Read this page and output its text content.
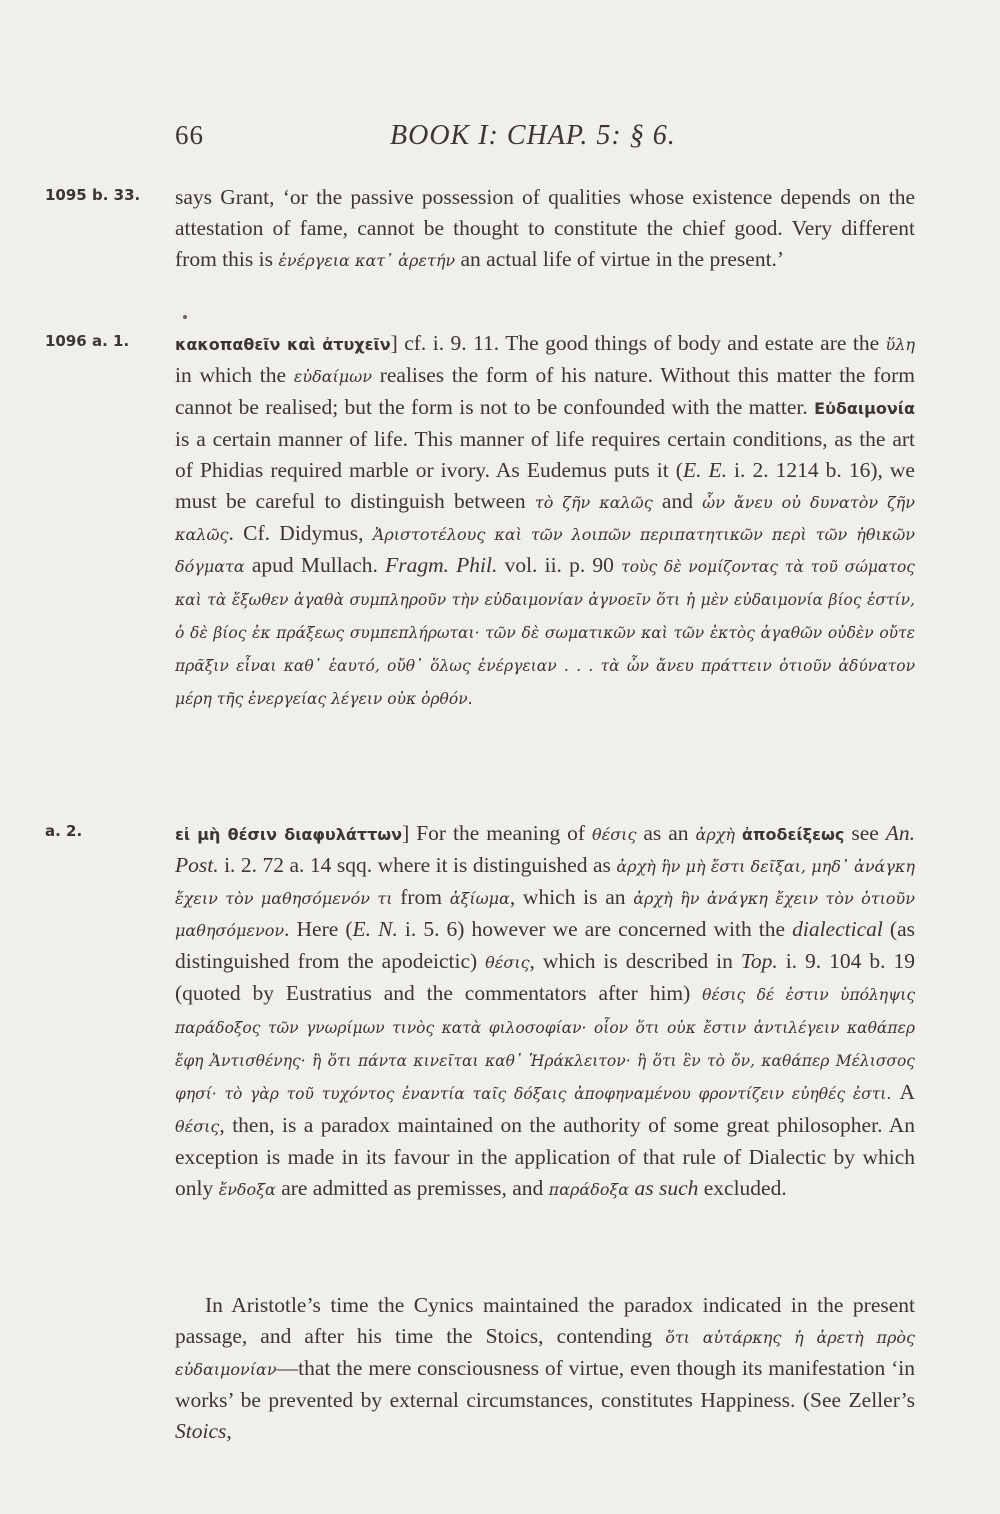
66	BOOK I: CHAP. 5: § 6.
1095 b. 33. says Grant, ‘or the passive possession of qualities whose existence depends on the attestation of fame, cannot be thought to constitute the chief good. Very different from this is ἐνέργεια κατ᾽ ἀρετήν an actual life of virtue in the present.’

1096 a. 1.	κακοπαθεῖν καὶ ἀτυχεῖν] cf. i. 9. 11. The good things of body and estate are the ὕλη in which the εὐδαίμων realises the form of his nature. Without this matter the form cannot be realised; but the form is not to be confounded with the matter. Εὐδαιμονία is a certain manner of life. This manner of life requires certain conditions, as the art of Phidias required marble or ivory. As Eudemus puts it (E. E. i. 2. 1214 b. 16), we must be careful to distinguish between τὸ ζῆν καλῶς and ὧν ἄνευ οὐ δυνατὸν ζῆν καλῶς. Cf. Didymus, Ἀριστοτέλους καὶ τῶν λοιπῶν περιπατητικῶν περὶ τῶν ἠθικῶν δόγματα apud Mullach. Fragm. Phil. vol. ii. p. 90 τοὺς δὲ νομίζοντας τὰ τοῦ σώματος καὶ τὰ ἔξωθεν ἀγαθὰ συμπληροῦν τὴν εὐδαιμονίαν ἀγνοεῖν ὅτι ἡ μὲν εὐδαιμονία βίος ἐστίν, ὁ δὲ βίος ἐκ πράξεως συμπεπλήρωται· τῶν δὲ σωματικῶν καὶ τῶν ἐκτὸς ἀγαθῶν οὐδὲν οὔτε πρᾶξιν εἶναι καθ᾽ ἑαυτό, οὔθ᾽ ὅλως ἐνέργειαν . . . τὰ ὧν ἄνευ πράττειν ὁτιοῦν ἀδύνατον μέρη τῆς ἐνεργείας λέγειν οὐκ ὀρθόν.

a. 2.	εἰ μὴ θέσιν διαφυλάττων] For the meaning of θέσις as an ἀρχὴ ἀποδείξεως see An. Post. i. 2. 72 a. 14 sqq. where it is distinguished as ἀρχὴ ἣν μὴ ἔστι δεῖξαι, μηδ᾽ ἀνάγκη ἔχειν τὸν μαθησόμενόν τι from ἀξίωμα, which is an ἀρχὴ ἣν ἀνάγκη ἔχειν τὸν ὁτιοῦν μαθησόμενον. Here (E. N. i. 5. 6) however we are concerned with the dialectical (as distinguished from the apodeictic) θέσις, which is described in Top. i. 9. 104 b. 19 (quoted by Eustratius and the commentators after him) θέσις δέ ἐστιν ὑπόληψις παράδοξος τῶν γνωρίμων τινὸς κατὰ φιλοσοφίαν· οἷον ὅτι οὐκ ἔστιν ἀντιλέγειν καθάπερ ἔφη Ἀντισθένης· ἢ ὅτι πάντα κινεῖται καθ᾽ Ἡράκλειτον· ἢ ὅτι ἓν τὸ ὄν, καθάπερ Μέλισσος φησί· τὸ γὰρ τοῦ τυχόντος ἐναντία ταῖς δόξαις ἀποφηναμένου φροντίζειν εὐηθές ἐστι. A θέσις, then, is a paradox maintained on the authority of some great philosopher. An exception is made in its favour in the application of that rule of Dialectic by which only ἔνδοξα are admitted as premisses, and παράδοξα as such excluded.

In Aristotle’s time the Cynics maintained the paradox indicated in the present passage, and after his time the Stoics, contending ὅτι αὐτάρκης ἡ ἀρετὴ πρὸς εὐδαιμονίαν—that the mere consciousness of virtue, even though its manifestation ‘in works’ be prevented by external circumstances, constitutes Happiness. (See Zeller’s Stoics,
